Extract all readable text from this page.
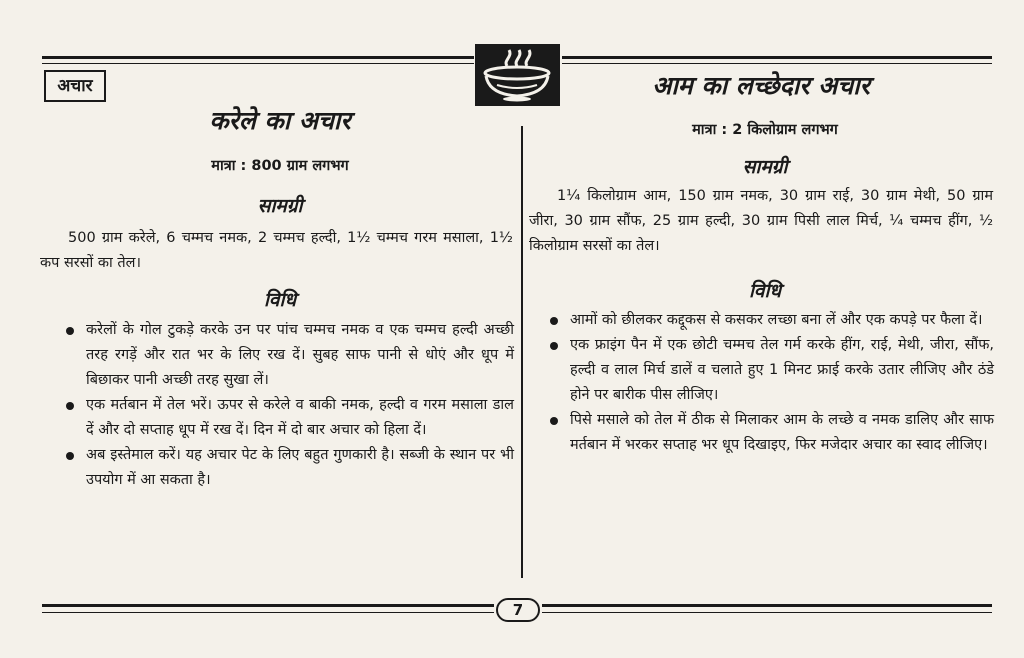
अचार
करेले का अचार
मात्रा : 800 ग्राम लगभग
सामग्री
500 ग्राम करेले, 6 चम्मच नमक, 2 चम्मच हल्दी, 1½ चम्मच गरम मसाला, 1½ कप सरसों का तेल।
विधि
करेलों के गोल टुकड़े करके उन पर पांच चम्मच नमक व एक चम्मच हल्दी अच्छी तरह रगड़ें और रात भर के लिए रख दें। सुबह साफ पानी से धोएं और धूप में बिछाकर पानी अच्छी तरह सुखा लें।
एक मर्तबान में तेल भरें। ऊपर से करेले व बाकी नमक, हल्दी व गरम मसाला डाल दें और दो सप्ताह धूप में रख दें। दिन में दो बार अचार को हिला दें।
अब इस्तेमाल करें। यह अचार पेट के लिए बहुत गुणकारी है। सब्जी के स्थान पर भी उपयोग में आ सकता है।
आम का लच्छेदार अचार
मात्रा : 2 किलोग्राम लगभग
सामग्री
1¼ किलोग्राम आम, 150 ग्राम नमक, 30 ग्राम राई, 30 ग्राम मेथी, 50 ग्राम जीरा, 30 ग्राम सौंफ, 25 ग्राम हल्दी, 30 ग्राम पिसी लाल मिर्च, ¼ चम्मच हींग, ½ किलोग्राम सरसों का तेल।
विधि
आमों को छीलकर कद्दूकस से कसकर लच्छा बना लें और एक कपड़े पर फैला दें।
एक फ्राइंग पैन में एक छोटी चम्मच तेल गर्म करके हींग, राई, मेथी, जीरा, सौंफ, हल्दी व लाल मिर्च डालें व चलाते हुए 1 मिनट फ्राई करके उतार लीजिए और ठंडे होने पर बारीक पीस लीजिए।
पिसे मसाले को तेल में ठीक से मिलाकर आम के लच्छे व नमक डालिए और साफ मर्तबान में भरकर सप्ताह भर धूप दिखाइए, फिर मजेदार अचार का स्वाद लीजिए।
7
